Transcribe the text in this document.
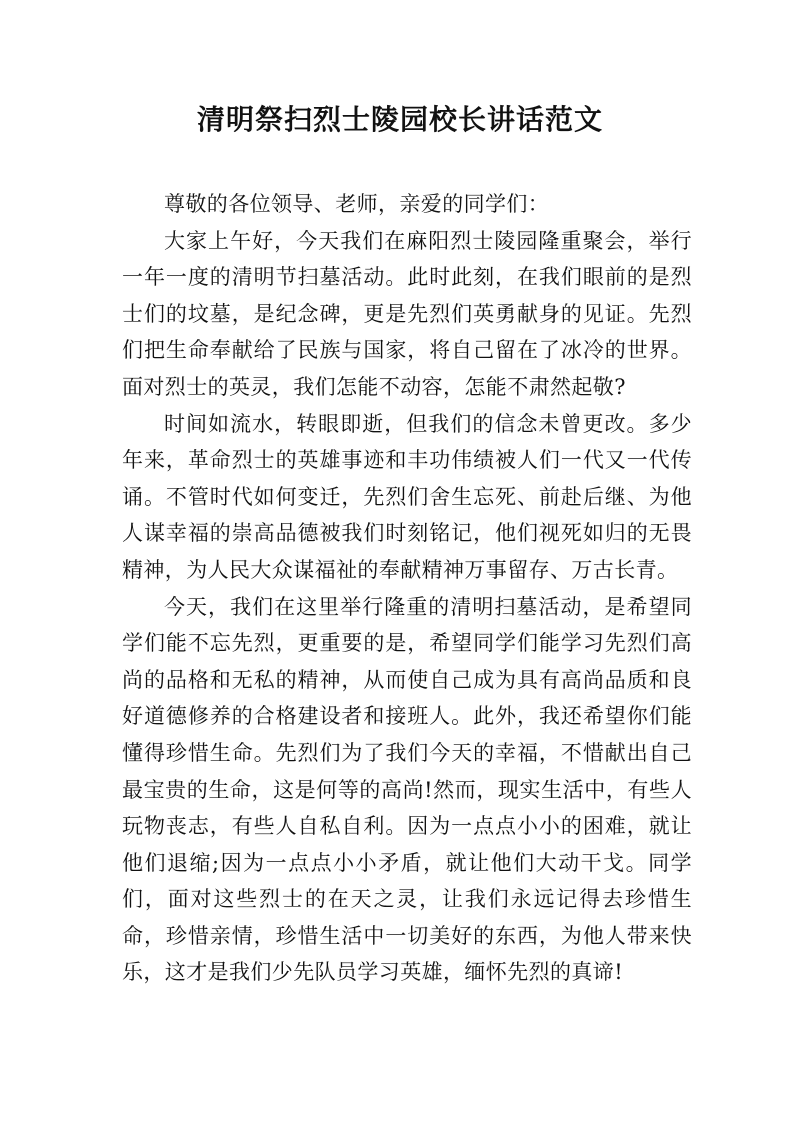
清明祭扫烈士陵园校长讲话范文

尊敬的各位领导、老师，亲爱的同学们：

大家上午好，今天我们在麻阳烈士陵园隆重聚会，举行一年一度的清明节扫墓活动。此时此刻，在我们眼前的是烈士们的坟墓，是纪念碑，更是先烈们英勇献身的见证。先烈们把生命奉献给了民族与国家，将自己留在了冰冷的世界。面对烈士的英灵，我们怎能不动容，怎能不肃然起敬?

时间如流水，转眼即逝，但我们的信念未曾更改。多少年来，革命烈士的英雄事迹和丰功伟绩被人们一代又一代传诵。不管时代如何变迁，先烈们舍生忘死、前赴后继、为他人谋幸福的崇高品德被我们时刻铭记，他们视死如归的无畏精神，为人民大众谋福祉的奉献精神万事留存、万古长青。

今天，我们在这里举行隆重的清明扫墓活动，是希望同学们能不忘先烈，更重要的是，希望同学们能学习先烈们高尚的品格和无私的精神，从而使自己成为具有高尚品质和良好道德修养的合格建设者和接班人。此外，我还希望你们能懂得珍惜生命。先烈们为了我们今天的幸福，不惜献出自己最宝贵的生命，这是何等的高尚!然而，现实生活中，有些人玩物丧志，有些人自私自利。因为一点点小小的困难，就让他们退缩;因为一点点小小矛盾，就让他们大动干戈。同学们，面对这些烈士的在天之灵，让我们永远记得去珍惜生命，珍惜亲情，珍惜生活中一切美好的东西，为他人带来快乐，这才是我们少先队员学习英雄，缅怀先烈的真谛!
